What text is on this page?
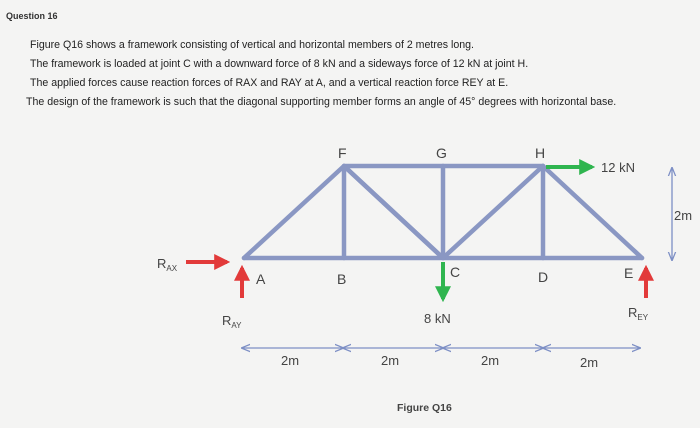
Question 16
Figure Q16 shows a framework consisting of vertical and horizontal members of 2 metres long.
The framework is loaded at joint C with a downward force of 8 kN and a sideways force of 12 kN at joint H.
The applied forces cause reaction forces of RAX and RAY at A, and a vertical reaction force REY at E.
The design of the framework is such that the diagonal supporting member forms an angle of 45° degrees with horizontal base.
F	G	H
A	B	C	D	E
12 kN
8 kN
$R_{AX}$
$R_{AY}$
$R_{EY}$
2m
2m	2m	2m	2m
Figure Q16
